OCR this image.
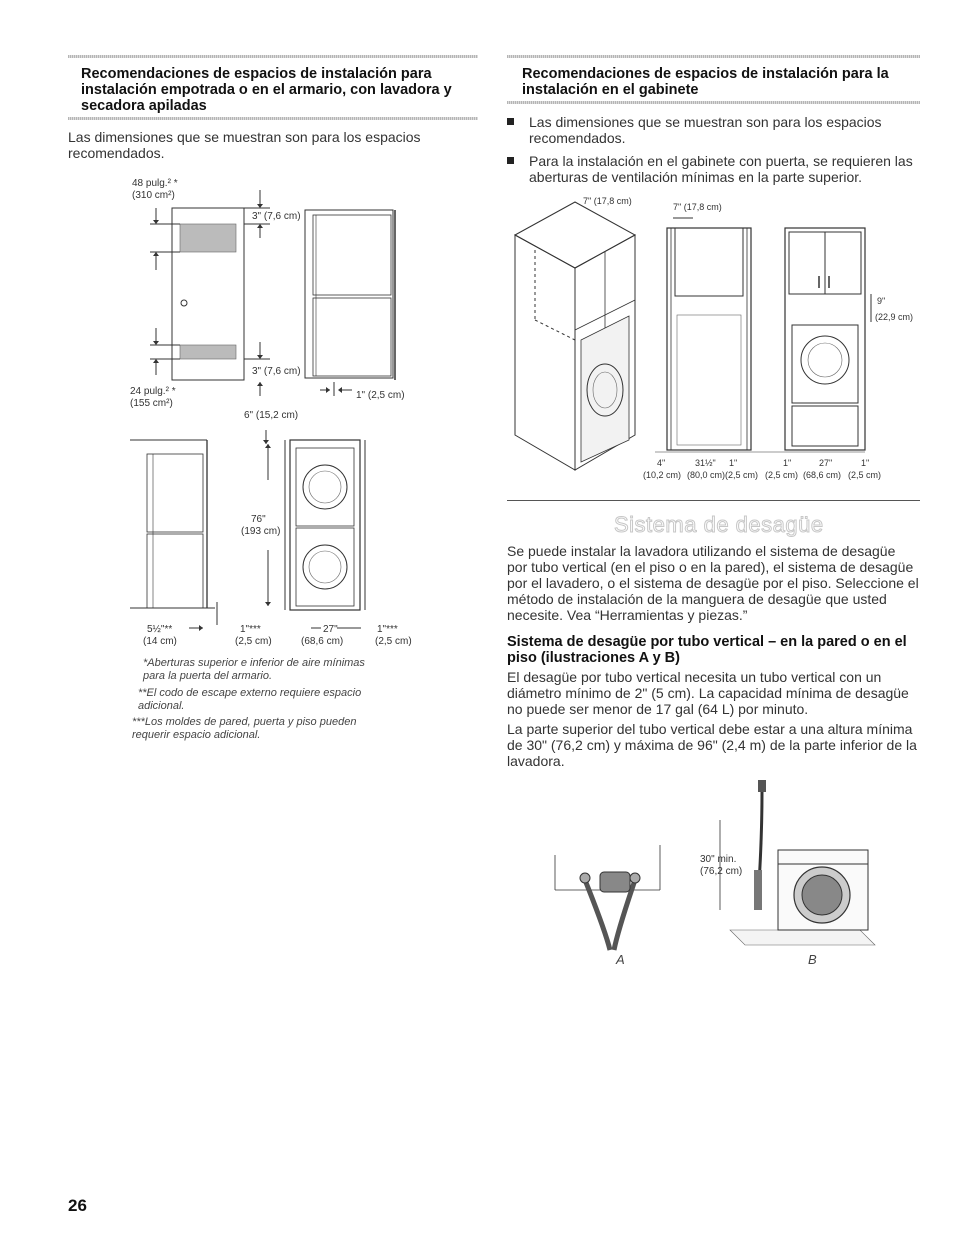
Recomendaciones de espacios de instalación para instalación empotrada o en el armario, con lavadora y secadora apiladas

Las dimensiones que se muestran son para los espacios recomendados.

48 pulg.² *
(310 cm²)
3" (7,6 cm)
3" (7,6 cm)
24 pulg.² *
(155 cm²)
1" (2,5 cm)
6" (15,2 cm)
76"
(193 cm)
5½"**
(14 cm)
1"***
(2,5 cm)
27"
(68,6 cm)
1"***
(2,5 cm)
*Aberturas superior e inferior de aire mínimas para la puerta del armario.
**El codo de escape externo requiere espacio adicional.
***Los moldes de pared, puerta y piso pueden requerir espacio adicional.
Recomendaciones de espacios de instalación para la instalación en el gabinete
Las dimensiones que se muestran son para los espacios recomendados.
Para la instalación en el gabinete con puerta, se requieren las aberturas de ventilación mínimas en la parte superior.
7" (17,8 cm)
7" (17,8 cm)
9"
(22,9 cm)
4"	31½" 1"	1"	27"	1"
(10,2 cm) (80,0 cm) (2,5 cm) (2,5 cm) (68,6 cm) (2,5 cm)
Sistema de desagüe

Se puede instalar la lavadora utilizando el sistema de desagüe por tubo vertical (en el piso o en la pared), el sistema de desagüe por el lavadero, o el sistema de desagüe por el piso. Seleccione el método de instalación de la manguera de desagüe que usted necesite. Vea “Herramientas y piezas.”

Sistema de desagüe por tubo vertical – en la pared o en el piso (ilustraciones A y B)

El desagüe por tubo vertical necesita un tubo vertical con un diámetro mínimo de 2" (5 cm). La capacidad mínima de desagüe no puede ser menor de 17 gal (64 L) por minuto.

La parte superior del tubo vertical debe estar a una altura mínima de 30" (76,2 cm) y máxima de 96" (2,4 m) de la parte inferior de la lavadora.

A
30" min.
(76,2 cm)
B
26
